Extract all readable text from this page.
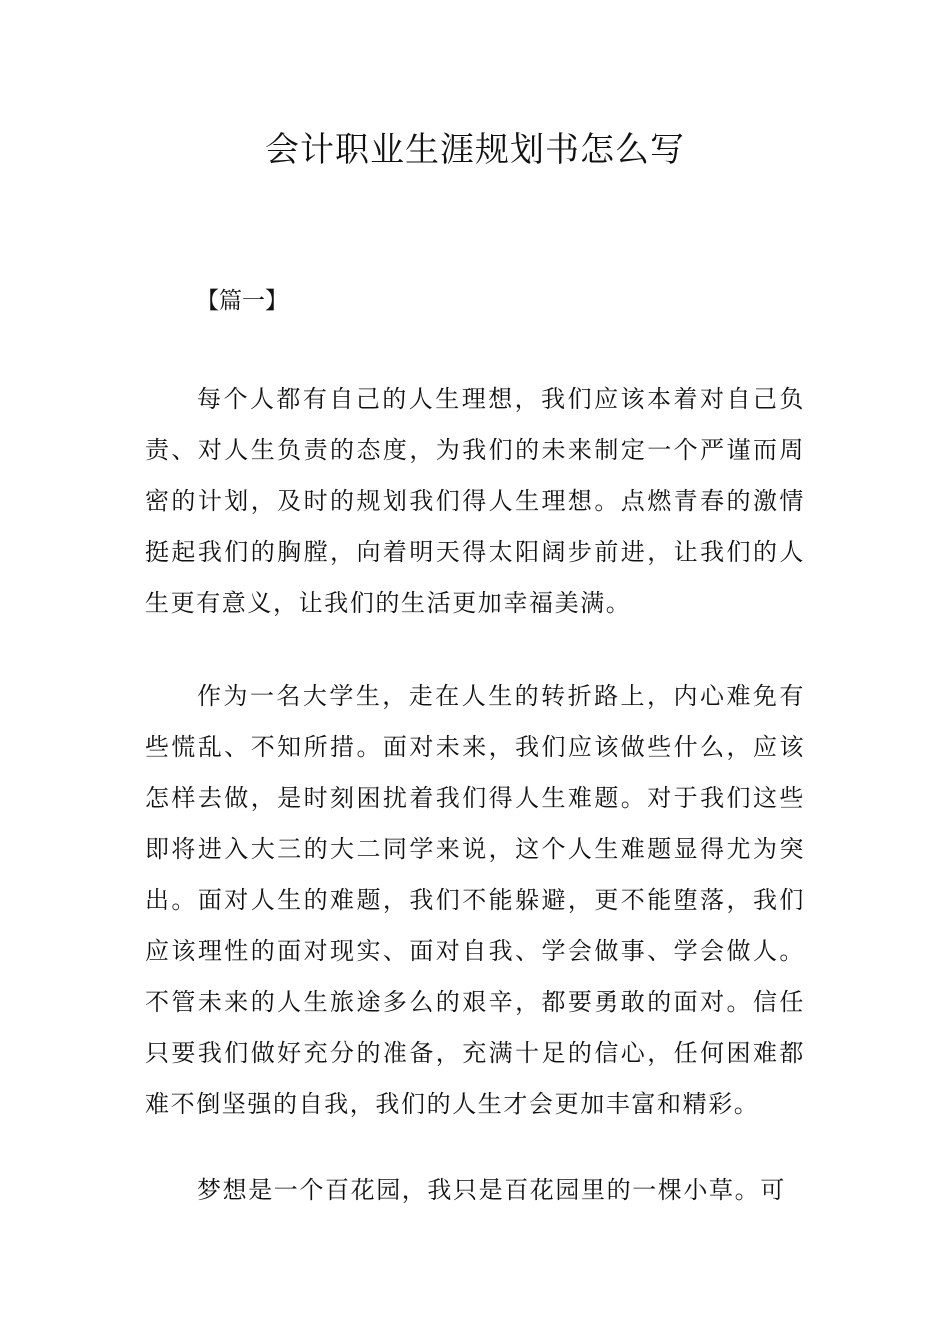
会计职业生涯规划书怎么写

【篇一】

每个人都有自己的人生理想，我们应该本着对自己负责、对人生负责的态度，为我们的未来制定一个严谨而周密的计划，及时的规划我们得人生理想。点燃青春的激情挺起我们的胸膛，向着明天得太阳阔步前进，让我们的人生更有意义，让我们的生活更加幸福美满。

作为一名大学生，走在人生的转折路上，内心难免有些慌乱、不知所措。面对未来，我们应该做些什么，应该怎样去做，是时刻困扰着我们得人生难题。对于我们这些即将进入大三的大二同学来说，这个人生难题显得尤为突出。面对人生的难题，我们不能躲避，更不能堕落，我们应该理性的面对现实、面对自我、学会做事、学会做人。不管未来的人生旅途多么的艰辛，都要勇敢的面对。信任只要我们做好充分的准备，充满十足的信心，任何困难都难不倒坚强的自我，我们的人生才会更加丰富和精彩。

梦想是一个百花园，我只是百花园里的一棵小草。可
